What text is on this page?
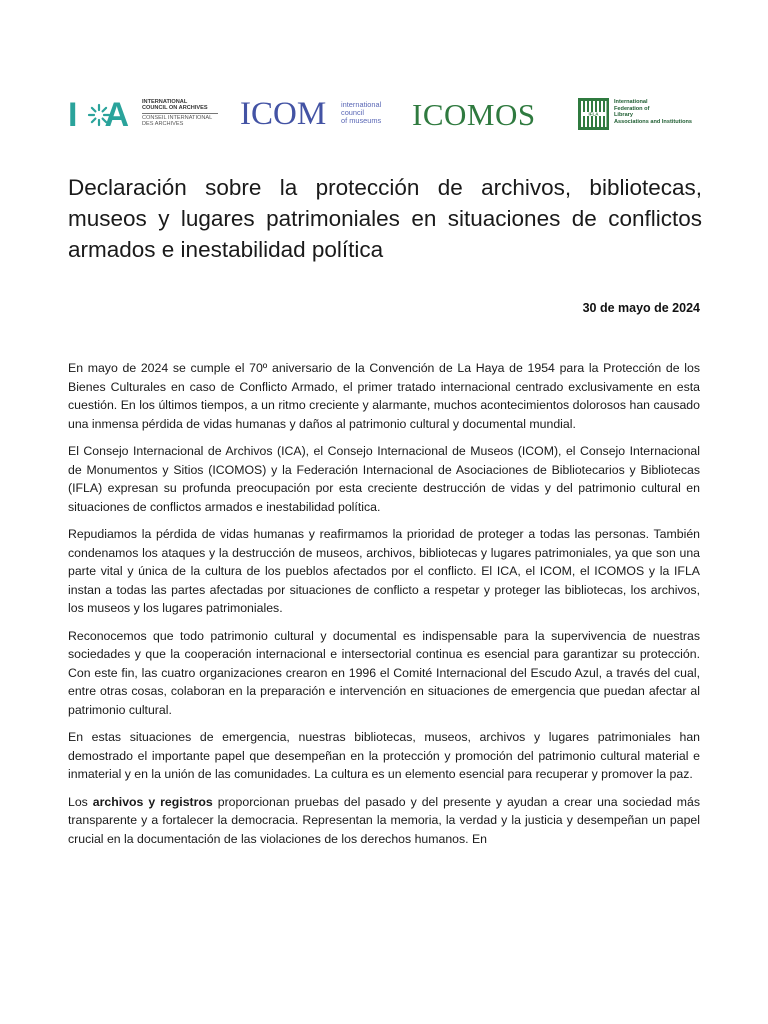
I A INTERNATIONAL
COUNCIL ON ARCHIVES
CONSEIL INTERNATIONAL
DES ARCHIVES	ICOM international
council
of museums ICOMOS	IFLA
International
Federation of
Library
Associations and Institutions
Declaración sobre la protección de archivos, bibliotecas, museos y lugares patrimoniales en situaciones de conflictos armados e inestabilidad política
30 de mayo de 2024

En mayo de 2024 se cumple el 70º aniversario de la Convención de La Haya de 1954 para la Protección de los Bienes Culturales en caso de Conflicto Armado, el primer tratado internacional centrado exclusivamente en esta cuestión. En los últimos tiempos, a un ritmo creciente y alarmante, muchos acontecimientos dolorosos han causado una inmensa pérdida de vidas humanas y daños al patrimonio cultural y documental mundial.

El Consejo Internacional de Archivos (ICA), el Consejo Internacional de Museos (ICOM), el Consejo Internacional de Monumentos y Sitios (ICOMOS) y la Federación Internacional de Asociaciones de Bibliotecarios y Bibliotecas (IFLA) expresan su profunda preocupación por esta creciente destrucción de vidas y del patrimonio cultural en situaciones de conflictos armados e inestabilidad política.

Repudiamos la pérdida de vidas humanas y reafirmamos la prioridad de proteger a todas las personas. También condenamos los ataques y la destrucción de museos, archivos, bibliotecas y lugares patrimoniales, ya que son una parte vital y única de la cultura de los pueblos afectados por el conflicto. El ICA, el ICOM, el ICOMOS y la IFLA instan a todas las partes afectadas por situaciones de conflicto a respetar y proteger las bibliotecas, los archivos, los museos y los lugares patrimoniales.

Reconocemos que todo patrimonio cultural y documental es indispensable para la supervivencia de nuestras sociedades y que la cooperación internacional e intersectorial continua es esencial para garantizar su protección. Con este fin, las cuatro organizaciones crearon en 1996 el Comité Internacional del Escudo Azul, a través del cual, entre otras cosas, colaboran en la preparación e intervención en situaciones de emergencia que puedan afectar al patrimonio cultural.

En estas situaciones de emergencia, nuestras bibliotecas, museos, archivos y lugares patrimoniales han demostrado el importante papel que desempeñan en la protección y promoción del patrimonio cultural material e inmaterial y en la unión de las comunidades. La cultura es un elemento esencial para recuperar y promover la paz.

Los archivos y registros proporcionan pruebas del pasado y del presente y ayudan a crear una sociedad más transparente y a fortalecer la democracia. Representan la memoria, la verdad y la justicia y desempeñan un papel crucial en la documentación de las violaciones de los derechos humanos. En
